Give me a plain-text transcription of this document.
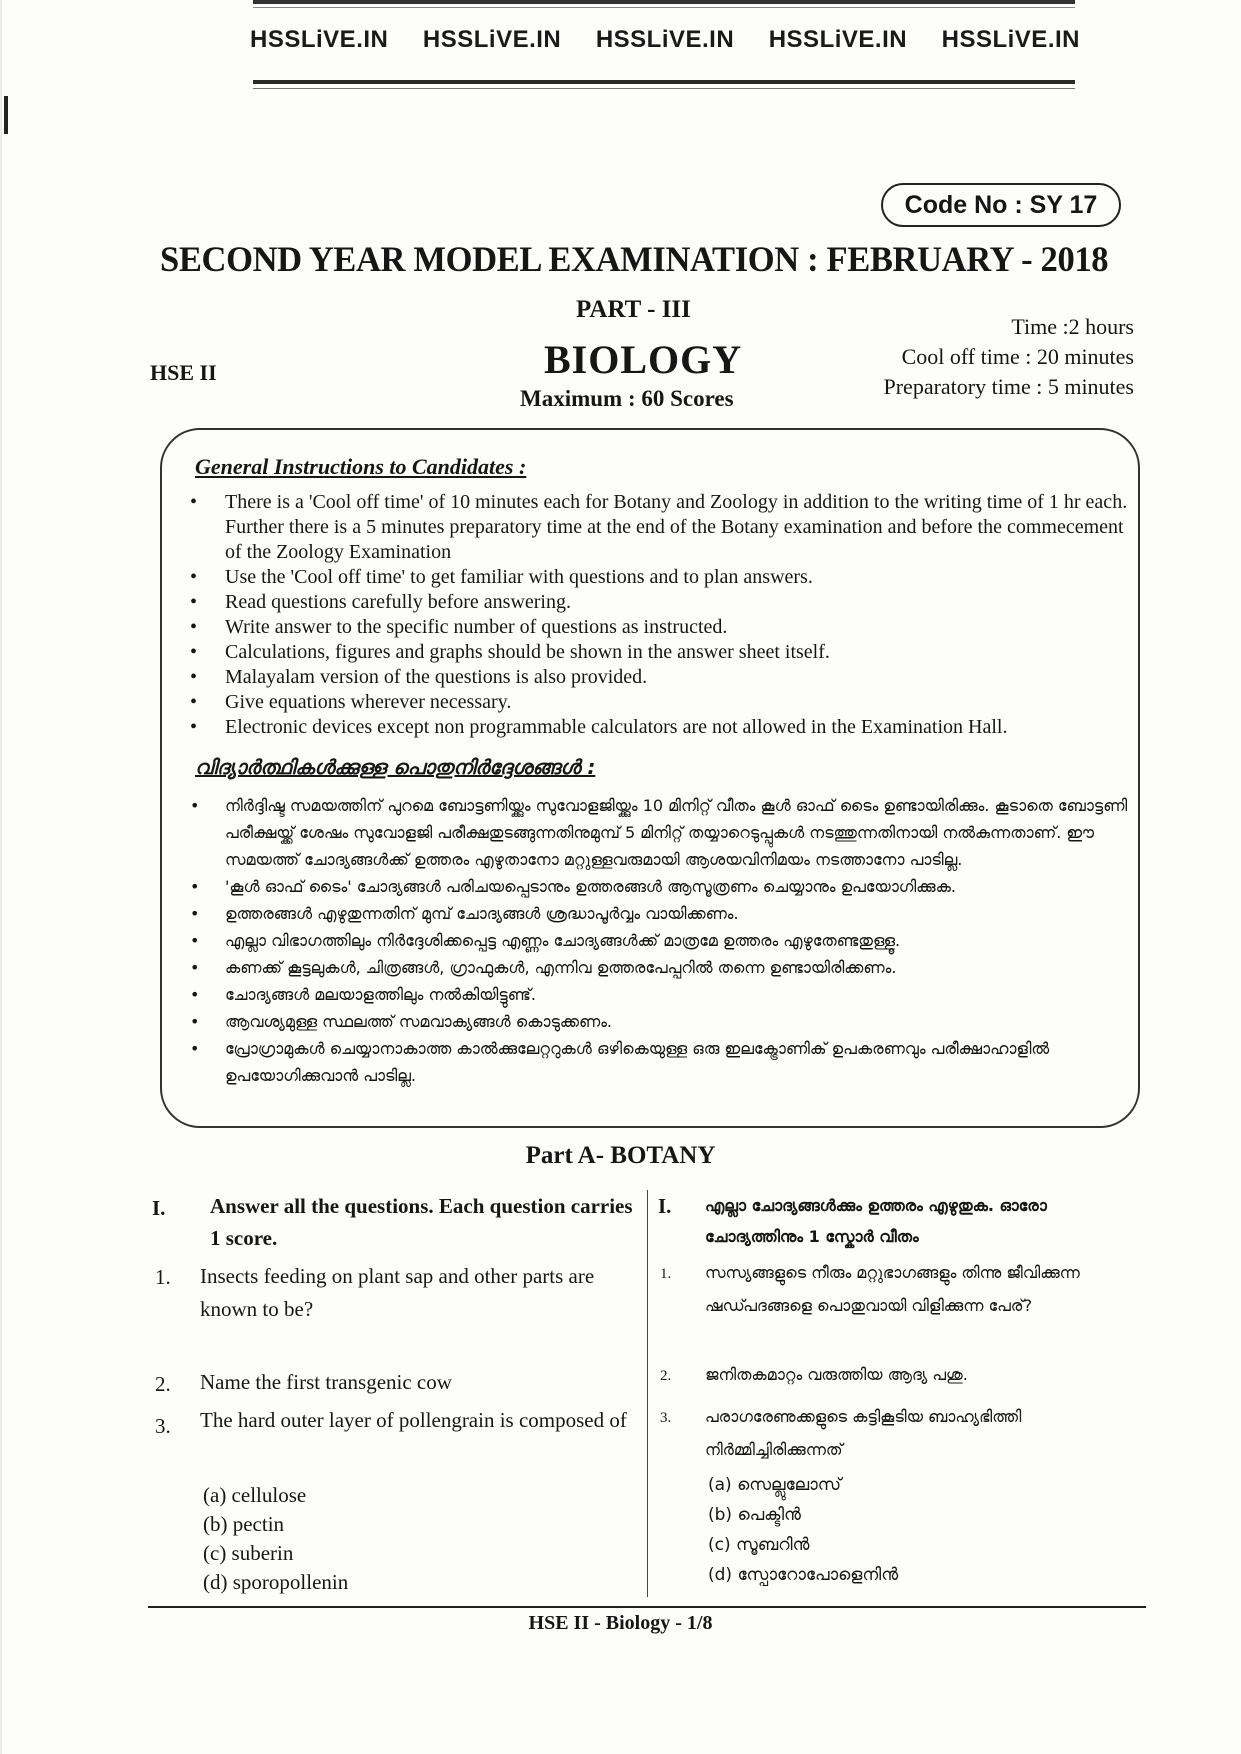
HSSLiVE.IN HSSLiVE.IN HSSLiVE.IN HSSLiVE.IN HSSLiVE.IN
Code No : SY 17
SECOND YEAR MODEL EXAMINATION : FEBRUARY - 2018
PART - III
BIOLOGY
Maximum : 60 Scores
HSE II
Time :2 hours
Cool off time : 20 minutes
Preparatory time : 5 minutes
General Instructions to Candidates :
• There is a 'Cool off time' of 10 minutes each for Botany and Zoology in addition to the writing time of 1 hr each. Further there is a 5 minutes preparatory time at the end of the Botany examination and before the commecement of the Zoology Examination
• Use the 'Cool off time' to get familiar with questions and to plan answers.
• Read questions carefully before answering.
• Write answer to the specific number of questions as instructed.
• Calculations, figures and graphs should be shown in the answer sheet itself.
• Malayalam version of the questions is also provided.
• Give equations wherever necessary.
• Electronic devices except non programmable calculators are not allowed in the Examination Hall.
വിദ്യാർത്ഥികൾക്കുള്ള പൊതുനിർദ്ദേശങ്ങൾ :
• നിർദ്ദിഷ്ട സമയത്തിന് പുറമെ ബോട്ടണിയ്ക്കും സുവോളജിയ്ക്കും 10 മിനിറ്റ് വീതം കൂൾ ഓഫ് ടൈം ഉണ്ടായിരിക്കും. കൂടാതെ ബോട്ടണി പരീക്ഷയ്ക്ക് ശേഷം സുവോളജി പരീക്ഷതുടങ്ങുന്നതിനുമുമ്പ് 5 മിനിറ്റ് തയ്യാറെടുപ്പുകൾ നടത്തുന്നതിനായി നൽകുന്നതാണ്. ഈ സമയത്ത് ചോദ്യങ്ങൾക്ക് ഉത്തരം എഴുതാനോ മറ്റുള്ളവരുമായി ആശയവിനിമയം നടത്താനോ പാടില്ല.
• 'കൂൾ ഓഫ് ടൈം' ചോദ്യങ്ങൾ പരിചയപ്പെടാനും ഉത്തരങ്ങൾ ആസൂത്രണം ചെയ്യാനും ഉപയോഗിക്കുക.
• ഉത്തരങ്ങൾ എഴുതുന്നതിന് മുമ്പ് ചോദ്യങ്ങൾ ശ്രദ്ധാപൂർവ്വം വായിക്കണം.
• എല്ലാ വിഭാഗത്തിലും നിർദ്ദേശിക്കപ്പെട്ട എണ്ണം ചോദ്യങ്ങൾക്ക് മാത്രമേ ഉത്തരം എഴുതേണ്ടതുള്ളൂ.
• കണക്ക് കൂട്ടലുകൾ, ചിത്രങ്ങൾ, ഗ്രാഫുകൾ, എന്നിവ ഉത്തരപേപ്പറിൽ തന്നെ ഉണ്ടായിരിക്കണം.
• ചോദ്യങ്ങൾ മലയാളത്തിലും നൽകിയിട്ടുണ്ട്.
• ആവശ്യമുള്ള സ്ഥലത്ത് സമവാക്യങ്ങൾ കൊടുക്കണം.
• പ്രോഗ്രാമുകൾ ചെയ്യാനാകാത്ത കാൽക്കുലേറ്ററുകൾ ഒഴികെയുള്ള ഒരു ഇലക്ട്രോണിക് ഉപകരണവും പരീക്ഷാഹാളിൽ ഉപയോഗിക്കുവാൻ പാടില്ല.
Part A- BOTANY
I. Answer all the questions. Each question carries 1 score.
1. Insects feeding on plant sap and other parts are known to be?
2. Name the first transgenic cow
3. The hard outer layer of pollengrain is composed of
(a) cellulose
(b) pectin
(c) suberin
(d) sporopollenin
I. എല്ലാ ചോദ്യങ്ങൾക്കും ഉത്തരം എഴുതുക. ഓരോ ചോദ്യത്തിനും 1 സ്കോർ വീതം
1. സസ്യങ്ങളുടെ നീരും മറ്റുഭാഗങ്ങളും തിന്നു ജീവിക്കുന്ന ഷഡ്പദങ്ങളെ പൊതുവായി വിളിക്കുന്ന പേര്?
2. ജനിതകമാറ്റം വരുത്തിയ ആദ്യ പശു.
3. പരാഗരേണുക്കളുടെ കട്ടികൂടിയ ബാഹ്യഭിത്തി നിർമ്മിച്ചിരിക്കുന്നത്
(a) സെല്ലുലോസ്
(b) പെക്ടിൻ
(c) സൂബറിൻ
(d) സ്പോറോപോളെനിൻ
HSE II - Biology - 1/8
